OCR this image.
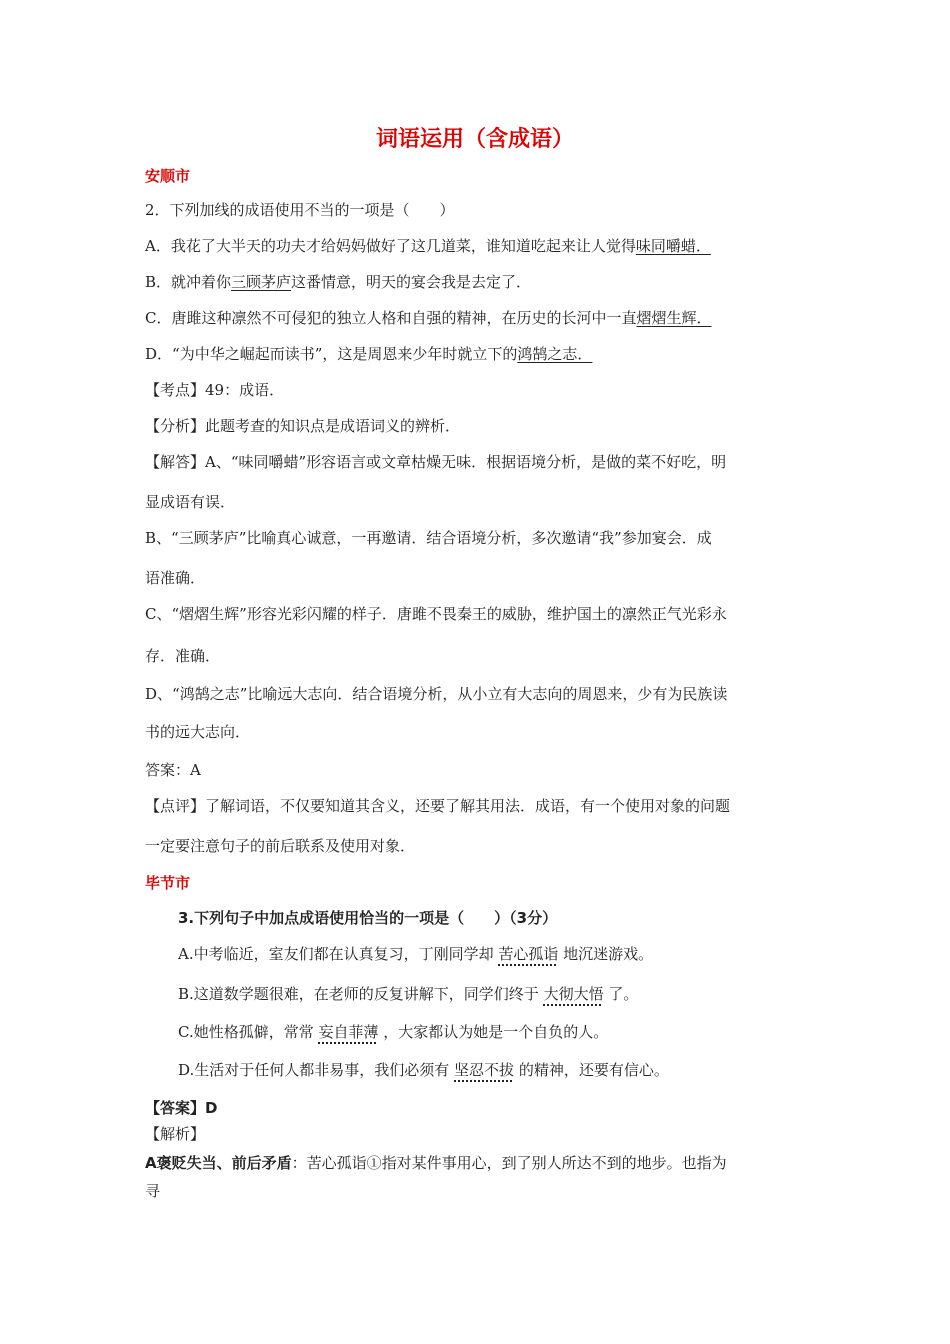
词语运用（含成语）
安顺市
2．下列加线的成语使用不当的一项是（　　）
A．我花了大半天的功夫才给妈妈做好了这几道菜，谁知道吃起来让人觉得味同嚼蜡．
B．就冲着你三顾茅庐这番情意，明天的宴会我是去定了．
C．唐雎这种凛然不可侵犯的独立人格和自强的精神，在历史的长河中一直熠熠生辉．
D．“为中华之崛起而读书”，这是周恩来少年时就立下的鸿鹄之志．
【考点】49：成语．
【分析】此题考查的知识点是成语词义的辨析．
【解答】A、“味同嚼蜡”形容语言或文章枯燥无味．根据语境分析，是做的菜不好吃，明
显成语有误．
B、“三顾茅庐”比喻真心诚意，一再邀请．结合语境分析，多次邀请“我”参加宴会．成
语准确．
C、“熠熠生辉”形容光彩闪耀的样子．唐雎不畏秦王的威胁，维护国土的凛然正气光彩永
存．准确．
D、“鸿鹄之志”比喻远大志向．结合语境分析，从小立有大志向的周恩来，少有为民族读
书的远大志向．
答案：A
【点评】了解词语，不仅要知道其含义，还要了解其用法．成语，有一个使用对象的问题
一定要注意句子的前后联系及使用对象．
毕节市
3.下列句子中加点成语使用恰当的一项是（　　）（3分）
A.中考临近，室友们都在认真复习，丁刚同学却 苦心孤诣 地沉迷游戏。
B.这道数学题很难，在老师的反复讲解下，同学们终于 大彻大悟 了。
C.她性格孤僻，常常 妄自菲薄 ，大家都认为她是一个自负的人。
D.生活对于任何人都非易事，我们必须有 坚忍不拔 的精神，还要有信心。
【答案】D
【解析】
A褒贬失当、前后矛盾：苦心孤诣①指对某件事用心，到了别人所达不到的地步。也指为
寻
